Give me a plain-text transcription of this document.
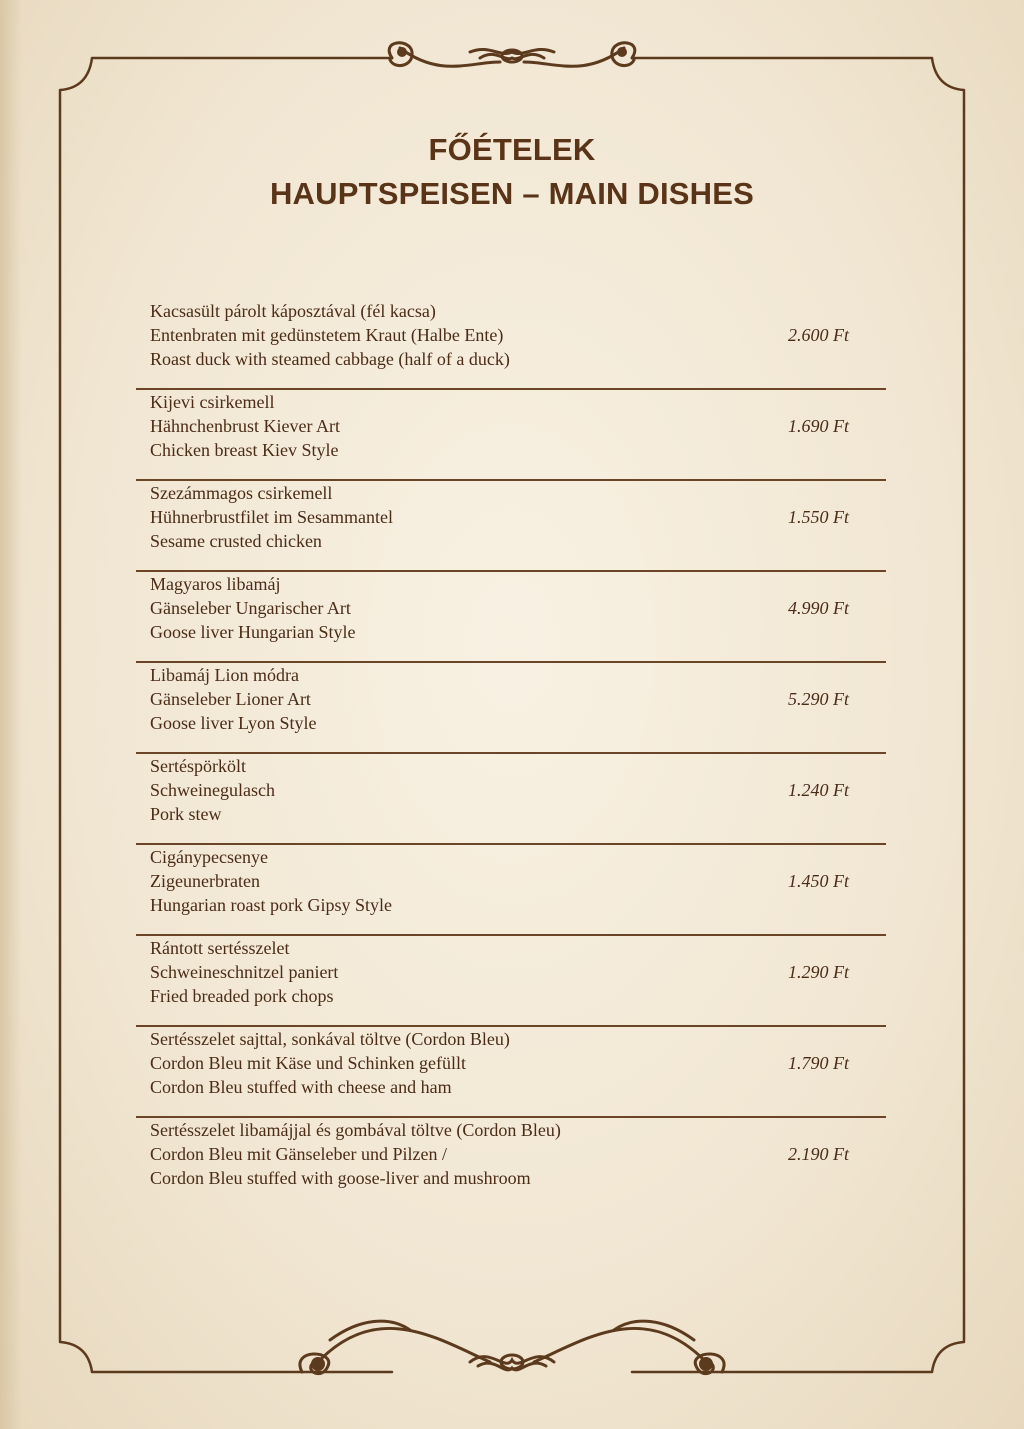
FŐÉTELEK
HAUPTSPEISEN – MAIN DISHES
Kacsasült párolt káposztával (fél kacsa)
Entenbraten mit gedünstetem Kraut (Halbe Ente)
Roast duck with steamed cabbage (half of a duck)
2.600 Ft
Kijevi csirkemell
Hähnchenbrust Kiever Art
Chicken breast Kiev Style
1.690 Ft
Szezámmagos csirkemell
Hühnerbrustfilet im Sesammantel
Sesame crusted chicken
1.550 Ft
Magyaros libamáj
Gänseleber Ungarischer Art
Goose liver Hungarian Style
4.990 Ft
Libamáj Lion módra
Gänseleber Lioner Art
Goose liver Lyon Style
5.290 Ft
Sertéspörkölt
Schweinegulasch
Pork stew
1.240 Ft
Cigánypecsenye
Zigeunerbraten
Hungarian roast pork Gipsy Style
1.450 Ft
Rántott sertésszelet
Schweineschnitzel paniert
Fried breaded pork chops
1.290 Ft
Sertésszelet sajttal, sonkával töltve (Cordon Bleu)
Cordon Bleu mit Käse und Schinken gefüllt
Cordon Bleu stuffed with cheese and ham
1.790 Ft
Sertésszelet libamájjal és gombával töltve (Cordon Bleu)
Cordon Bleu mit Gänseleber und Pilzen /
Cordon Bleu stuffed with goose-liver and mushroom
2.190 Ft
